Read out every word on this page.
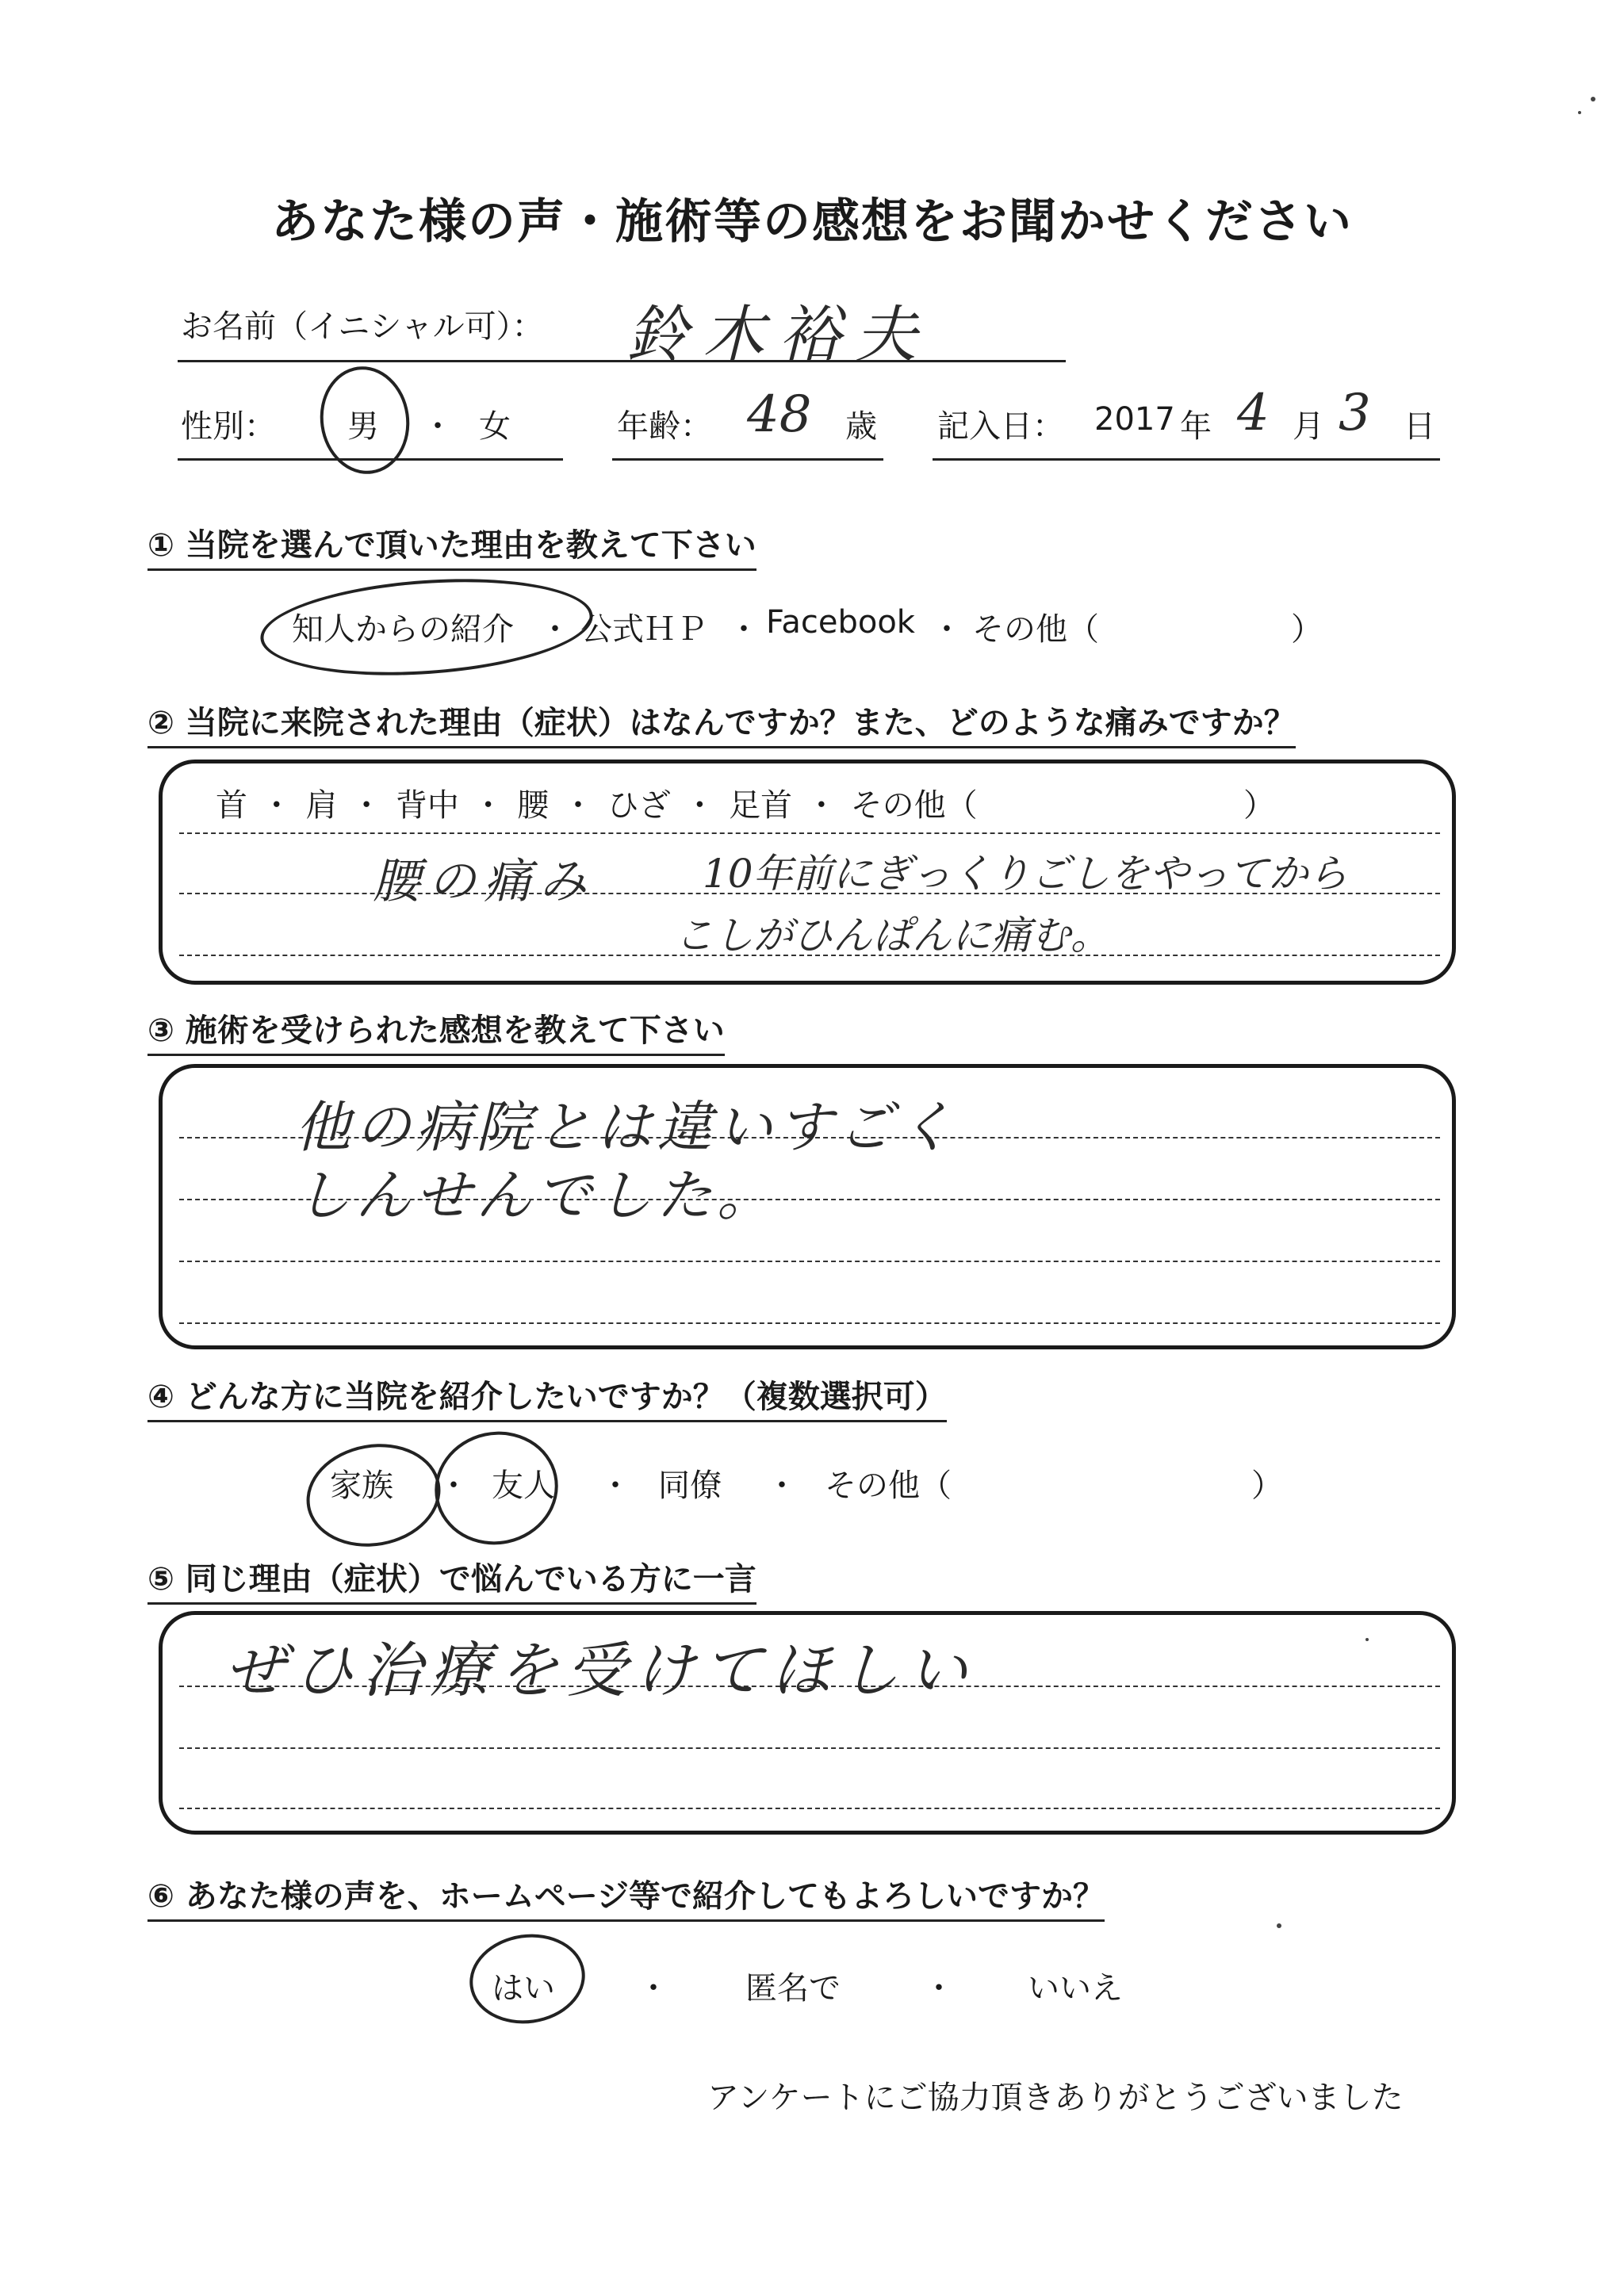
あなた様の声・施術等の感想をお聞かせください
お名前（イニシャル可）： 鈴木裕夫
性別： 男 ・ 女	年齢： 48 歳 記入日： 2017 年 4 月 3 日
① 当院を選んで頂いた理由を教えて下さい
知人からの紹介 ・ 公式ＨＰ ・ Facebook ・ その他（	）
② 当院に来院された理由（症状）はなんですか？また、どのような痛みですか？
首 ・ 肩 ・ 背中 ・ 腰 ・ ひざ ・ 足首 ・ その他（	）
腰の痛み	10年前にぎっくりごしをやってから
こしがひんぱんに痛む。
③ 施術を受けられた感想を教えて下さい
他の病院とは違いすごく
しんせんでした。
④ どんな方に当院を紹介したいですか？（複数選択可）
家族 ・ 友人 ・ 同僚 ・ その他（	）
⑤ 同じ理由（症状）で悩んでいる方に一言
ぜひ治療を受けてほしい
⑥ あなた様の声を、ホームページ等で紹介してもよろしいですか？
はい	・ 匿名で	・ いいえ
アンケートにご協力頂きありがとうございました
